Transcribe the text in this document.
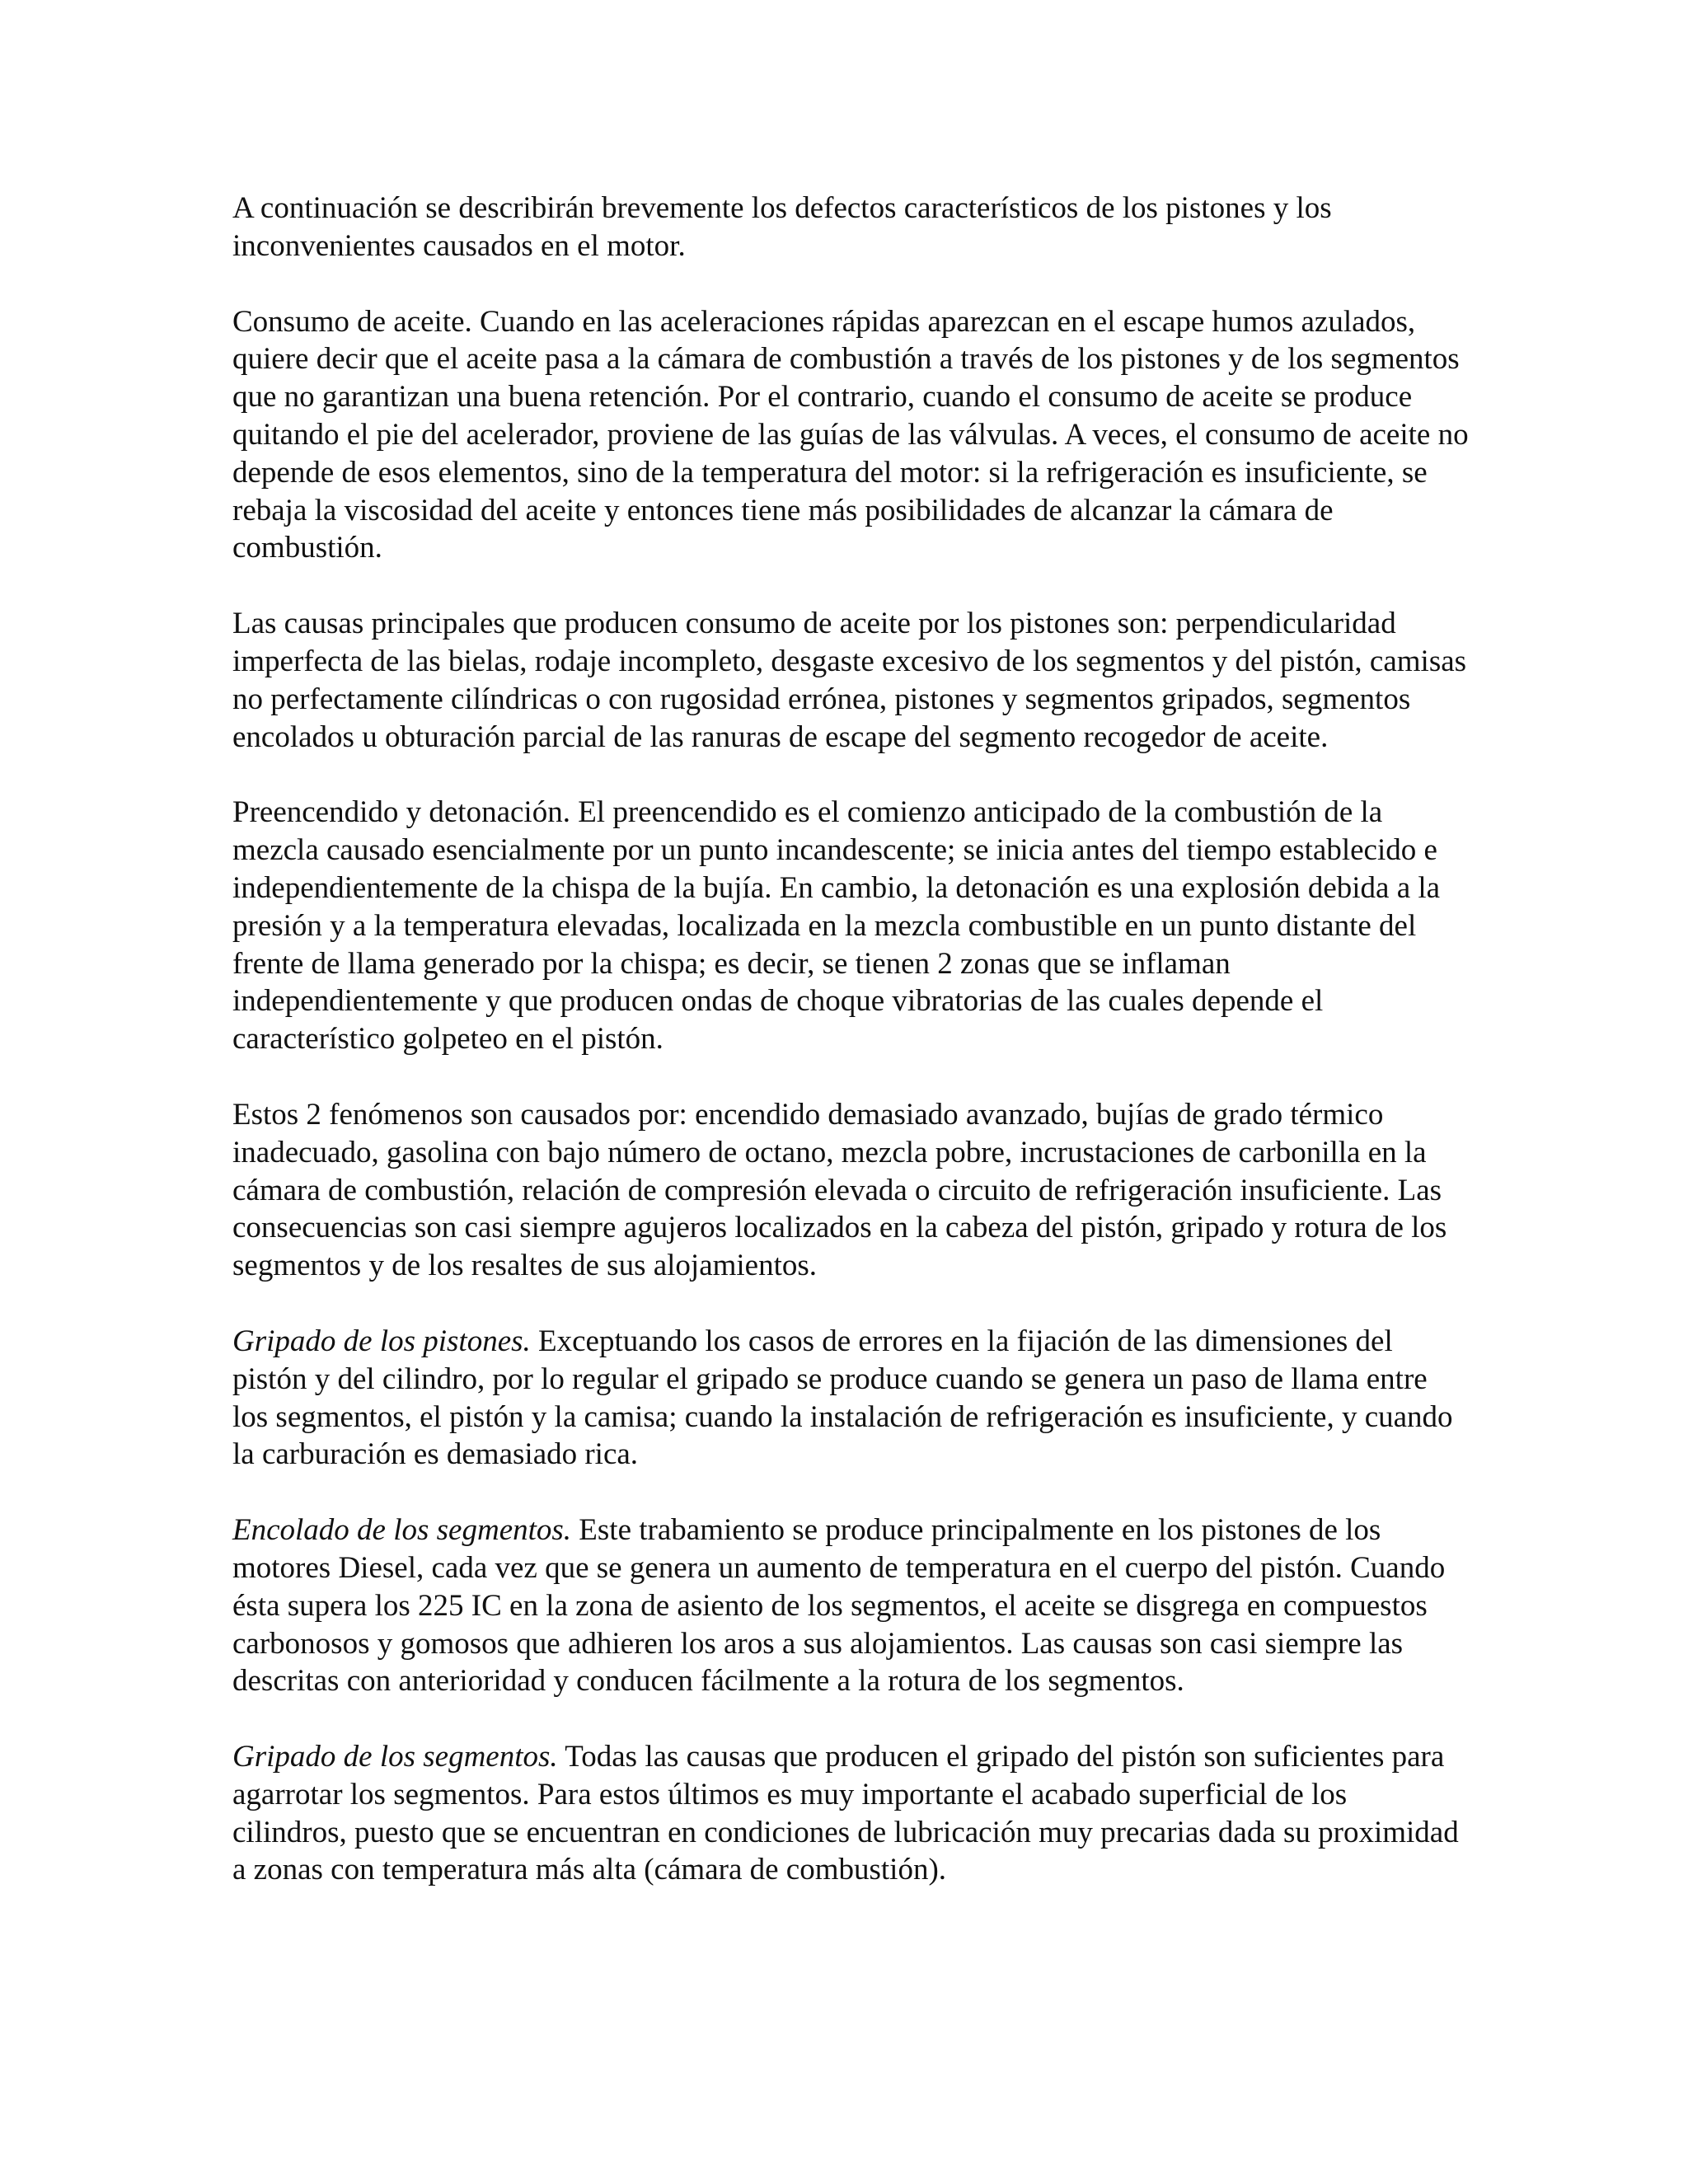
A continuación se describirán brevemente los defectos característicos de los pistones y los inconvenientes causados en el motor.

Consumo de aceite. Cuando en las aceleraciones rápidas aparezcan en el escape humos azulados, quiere decir que el aceite pasa a la cámara de combustión a través de los pistones y de los segmentos que no garantizan una buena retención. Por el contrario, cuando el consumo de aceite se produce quitando el pie del acelerador, proviene de las guías de las válvulas. A veces, el consumo de aceite no depende de esos elementos, sino de la temperatura del motor: si la refrigeración es insuficiente, se rebaja la viscosidad del aceite y entonces tiene más posibilidades de alcanzar la cámara de combustión.

Las causas principales que producen consumo de aceite por los pistones son: perpendicularidad imperfecta de las bielas, rodaje incompleto, desgaste excesivo de los segmentos y del pistón, camisas no perfectamente cilíndricas o con rugosidad errónea, pistones y segmentos gripados, segmentos encolados u obturación parcial de las ranuras de escape del segmento recogedor de aceite.

Preencendido y detonación. El preencendido es el comienzo anticipado de la combustión de la mezcla causado esencialmente por un punto incandescente; se inicia antes del tiempo establecido e independientemente de la chispa de la bujía. En cambio, la detonación es una explosión debida a la presión y a la temperatura elevadas, localizada en la mezcla combustible en un punto distante del frente de llama generado por la chispa; es decir, se tienen 2 zonas que se inflaman independientemente y que producen ondas de choque vibratorias de las cuales depende el característico golpeteo en el pistón.

Estos 2 fenómenos son causados por: encendido demasiado avanzado, bujías de grado térmico inadecuado, gasolina con bajo número de octano, mezcla pobre, incrustaciones de carbonilla en la cámara de combustión, relación de compresión elevada o circuito de refrigeración insuficiente. Las consecuencias son casi siempre agujeros localizados en la cabeza del pistón, gripado y rotura de los segmentos y de los resaltes de sus alojamientos.

Gripado de los pistones. Exceptuando los casos de errores en la fijación de las dimensiones del pistón y del cilindro, por lo regular el gripado se produce cuando se genera un paso de llama entre los segmentos, el pistón y la camisa; cuando la instalación de refrigeración es insuficiente, y cuando la carburación es demasiado rica.

Encolado de los segmentos. Este trabamiento se produce principalmente en los pistones de los motores Diesel, cada vez que se genera un aumento de temperatura en el cuerpo del pistón. Cuando ésta supera los 225 IC en la zona de asiento de los segmentos, el aceite se disgrega en compuestos carbonosos y gomosos que adhieren los aros a sus alojamientos. Las causas son casi siempre las descritas con anterioridad y conducen fácilmente a la rotura de los segmentos.

Gripado de los segmentos. Todas las causas que producen el gripado del pistón son suficientes para agarrotar los segmentos. Para estos últimos es muy importante el acabado superficial de los cilindros, puesto que se encuentran en condiciones de lubricación muy precarias dada su proximidad a zonas con temperatura más alta (cámara de combustión).
